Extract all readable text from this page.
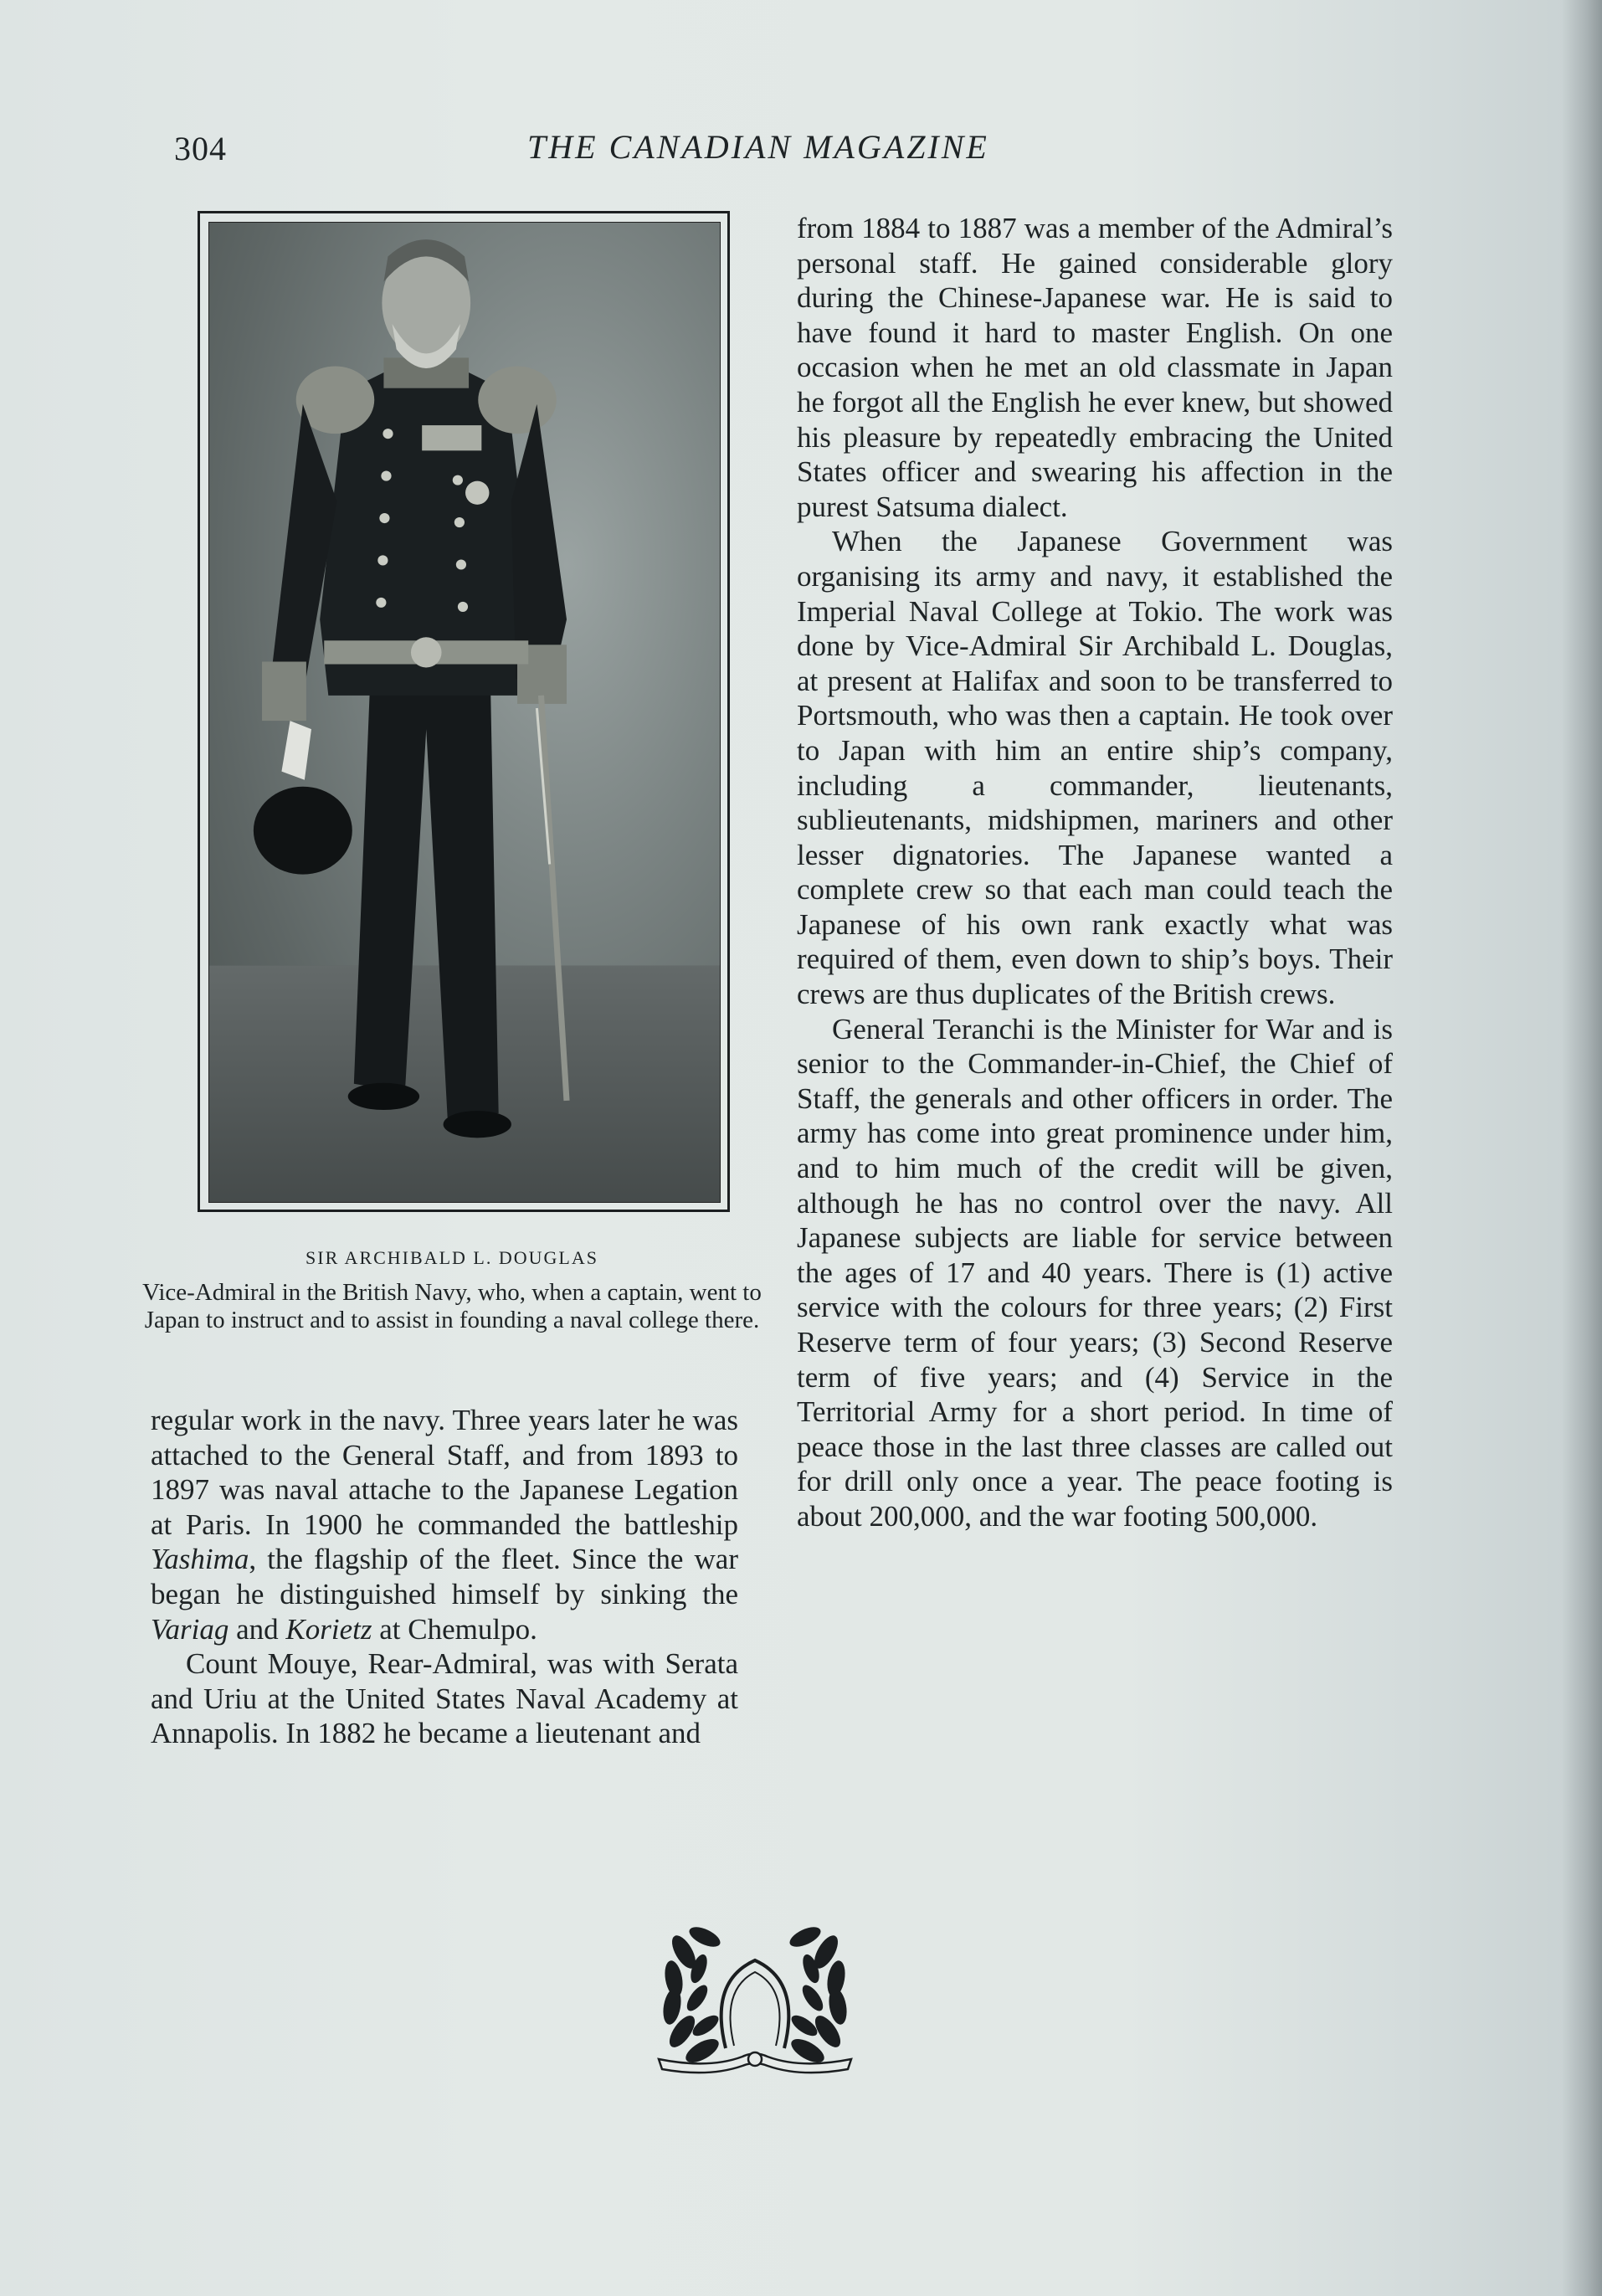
304	THE CANADIAN MAGAZINE
SIR ARCHIBALD L. DOUGLAS
Vice-Admiral in the British Navy, who, when a captain, went to Japan to instruct and to assist in founding a naval college there.

regular work in the navy. Three years later he was attached to the General Staff, and from 1893 to 1897 was naval attache to the Japanese Legation at Paris. In 1900 he commanded the battleship Yashima, the flagship of the fleet. Since the war began he distinguished himself by sinking the Variag and Korietz at Chemulpo.

Count Mouye, Rear-Admiral, was with Serata and Uriu at the United States Naval Academy at Annapolis. In 1882 he became a lieutenant and

from 1884 to 1887 was a member of the Admiral’s personal staff. He gained considerable glory during the Chinese-Japanese war. He is said to have found it hard to master English. On one occasion when he met an old classmate in Japan he forgot all the English he ever knew, but showed his pleasure by repeatedly embracing the United States officer and swearing his affection in the purest Satsuma dialect.

When the Japanese Government was organising its army and navy, it established the Imperial Naval College at Tokio. The work was done by Vice-Admiral Sir Archibald L. Douglas, at present at Halifax and soon to be transferred to Portsmouth, who was then a captain. He took over to Japan with him an entire ship’s company, including a commander, lieutenants, sublieutenants, midshipmen, mariners and other lesser dignatories. The Japanese wanted a complete crew so that each man could teach the Japanese of his own rank exactly what was required of them, even down to ship’s boys. Their crews are thus duplicates of the British crews.

General Teranchi is the Minister for War and is senior to the Commander-in-Chief, the Chief of Staff, the generals and other officers in order. The army has come into great prominence under him, and to him much of the credit will be given, although he has no control over the navy. All Japanese subjects are liable for service between the ages of 17 and 40 years. There is (1) active service with the colours for three years; (2) First Reserve term of four years; (3) Second Reserve term of five years; and (4) Service in the Territorial Army for a short period. In time of peace those in the last three classes are called out for drill only once a year. The peace footing is about 200,000, and the war footing 500,000.
